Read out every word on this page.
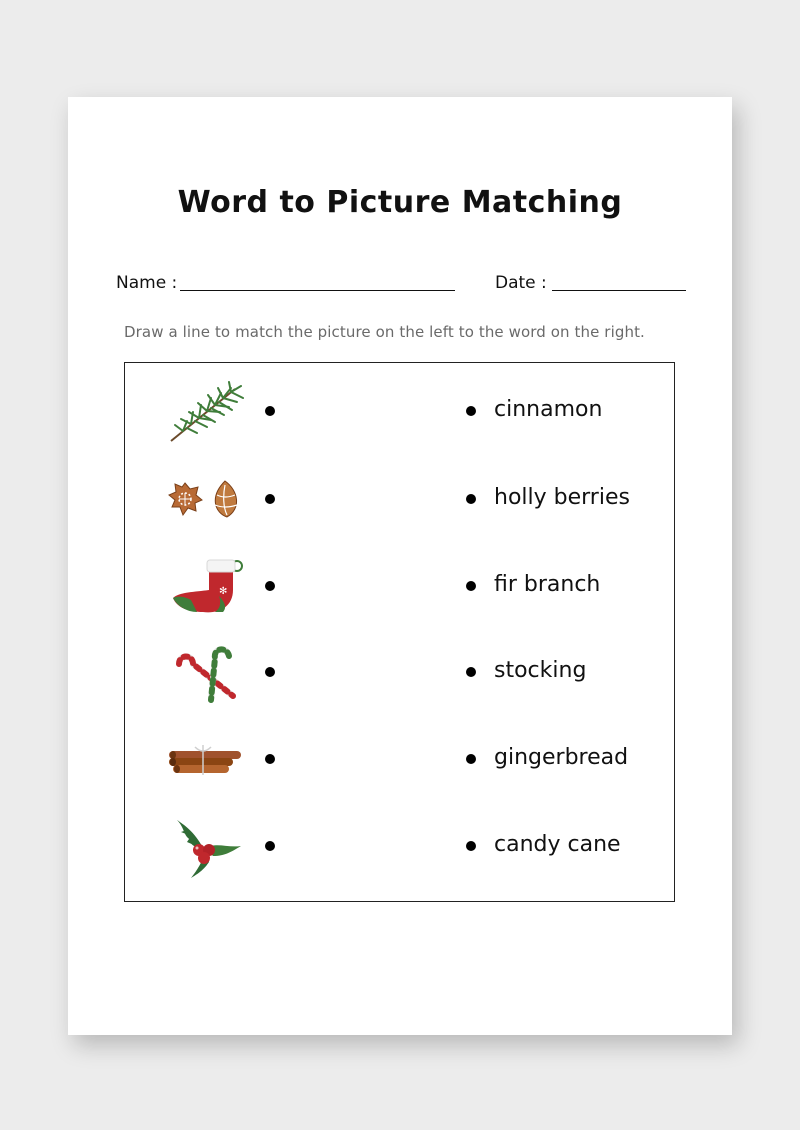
Word to Picture Matching
Name :	Date :
Draw a line to match the picture on the left to the word on the right.
cinnamon
holly berries
✻	fir branch
stocking
gingerbread
candy cane
